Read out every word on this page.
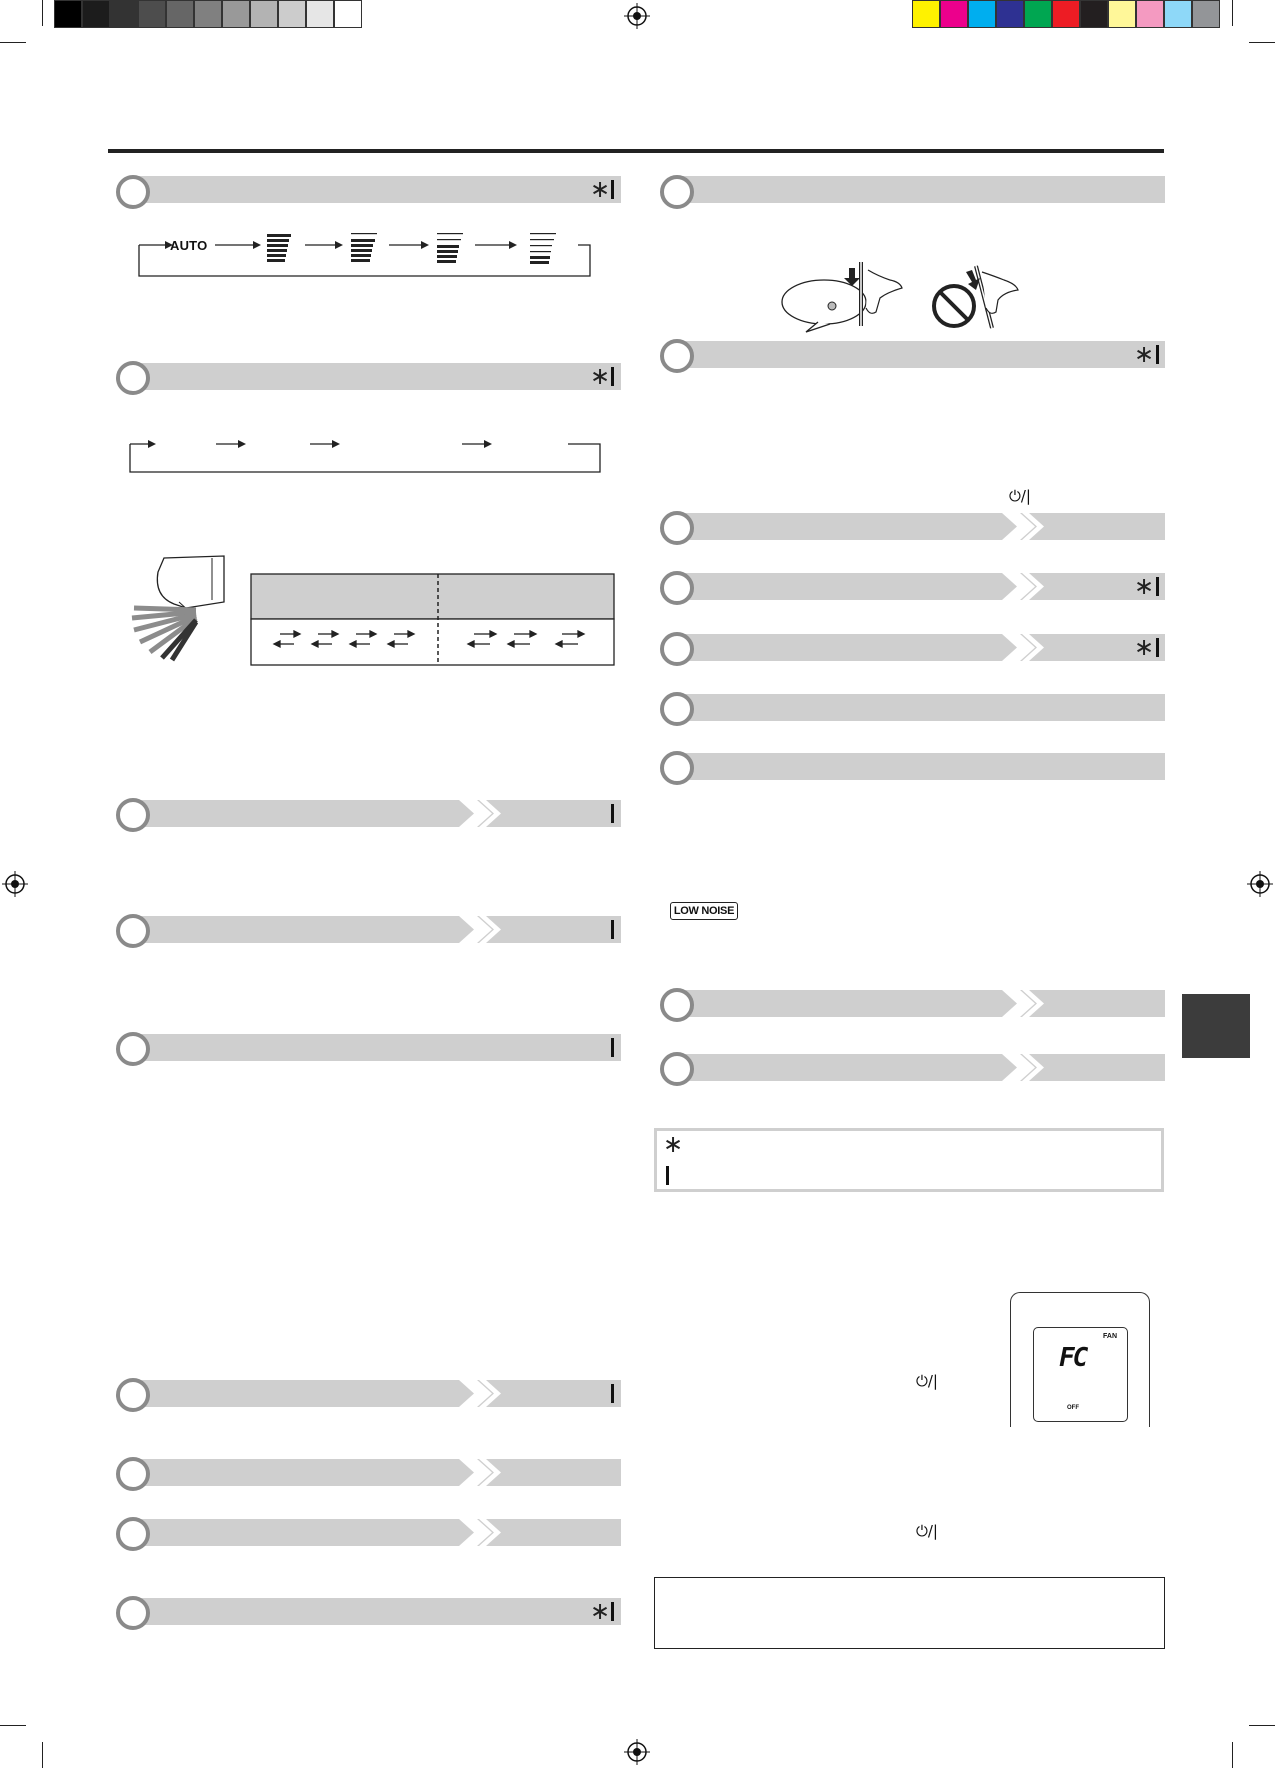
∗
AUTO
∗
∗
∗
⏻/|
∗
∗
LOW NOISE
∗
⏻/|
FC
FAN
OFF
⏻/|
